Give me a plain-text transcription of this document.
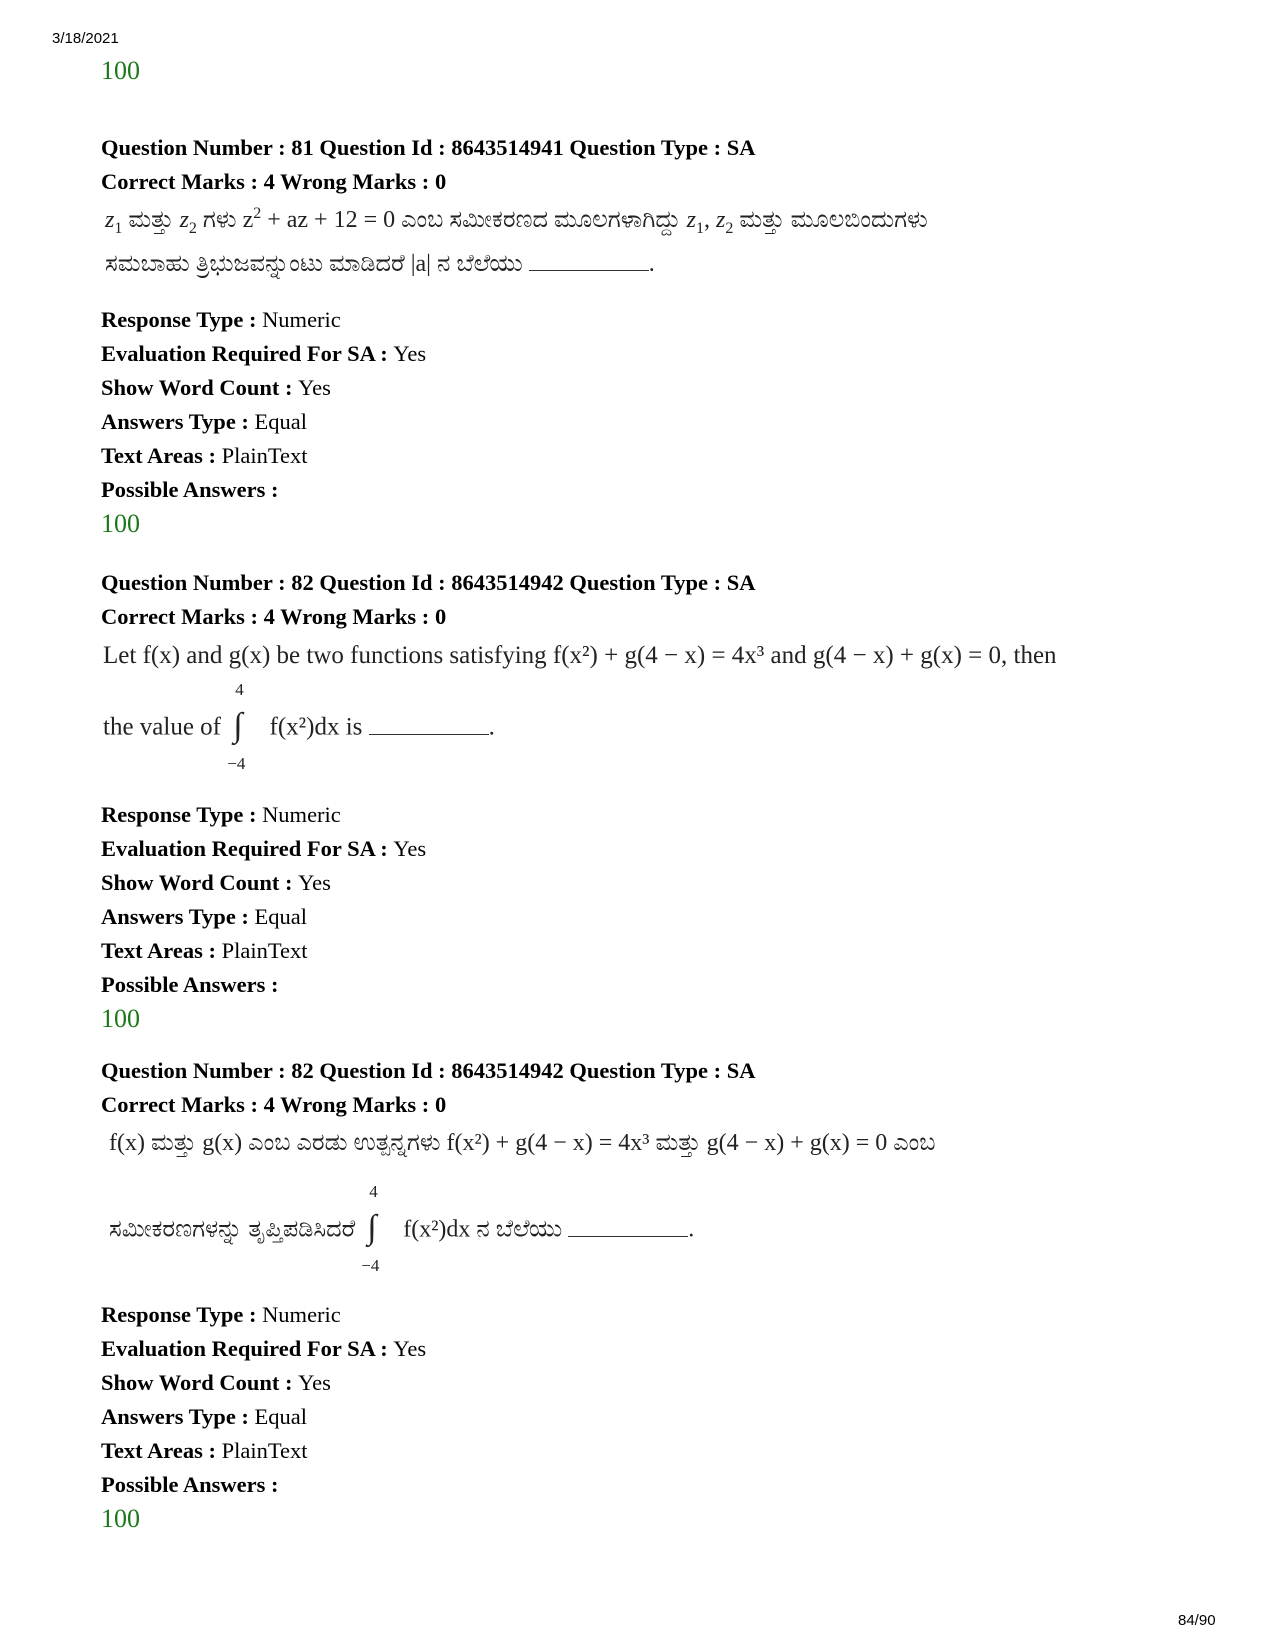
3/18/2021
100
Question Number : 81 Question Id : 8643514941 Question Type : SA
Correct Marks : 4 Wrong Marks : 0
$z_1$ ಮತ್ತು $z_2$ ಗಳು $z^2$ + az + 12 = 0 ಎಂಬ ಸಮೀಕರಣದ ಮೂಲಗಳಾಗಿದ್ದು $z_1$, $z_2$ ಮತ್ತು ಮೂಲಬಿಂದುಗಳು
ಸಮಬಾಹು ತ್ರಿಭುಜವನ್ನುಂಟು ಮಾಡಿದರೆ |a| ನ ಬೆಲೆಯು	.
Response Type : Numeric
Evaluation Required For SA : Yes
Show Word Count : Yes
Answers Type : Equal
Text Areas : PlainText
Possible Answers :
100
Question Number : 82 Question Id : 8643514942 Question Type : SA
Correct Marks : 4 Wrong Marks : 0
Let f(x) and g(x) be two functions satisfying f(x²) + g(4 − x) = 4x³ and g(4 − x) + g(x) = 0, then
the value of
4
∫
−4
f(x²)dx is	.
Response Type : Numeric
Evaluation Required For SA : Yes
Show Word Count : Yes
Answers Type : Equal
Text Areas : PlainText
Possible Answers :
100
Question Number : 82 Question Id : 8643514942 Question Type : SA
Correct Marks : 4 Wrong Marks : 0
f(x) ಮತ್ತು g(x) ಎಂಬ ಎರಡು ಉತ್ಪನ್ನಗಳು f(x²) + g(4 − x) = 4x³ ಮತ್ತು g(4 − x) + g(x) = 0 ಎಂಬ
ಸಮೀಕರಣಗಳನ್ನು ತೃಪ್ತಿಪಡಿಸಿದರೆ
4
∫
−4
f(x²)dx ನ ಬೆಲೆಯು	.
Response Type : Numeric
Evaluation Required For SA : Yes
Show Word Count : Yes
Answers Type : Equal
Text Areas : PlainText
Possible Answers :
100
84/90
